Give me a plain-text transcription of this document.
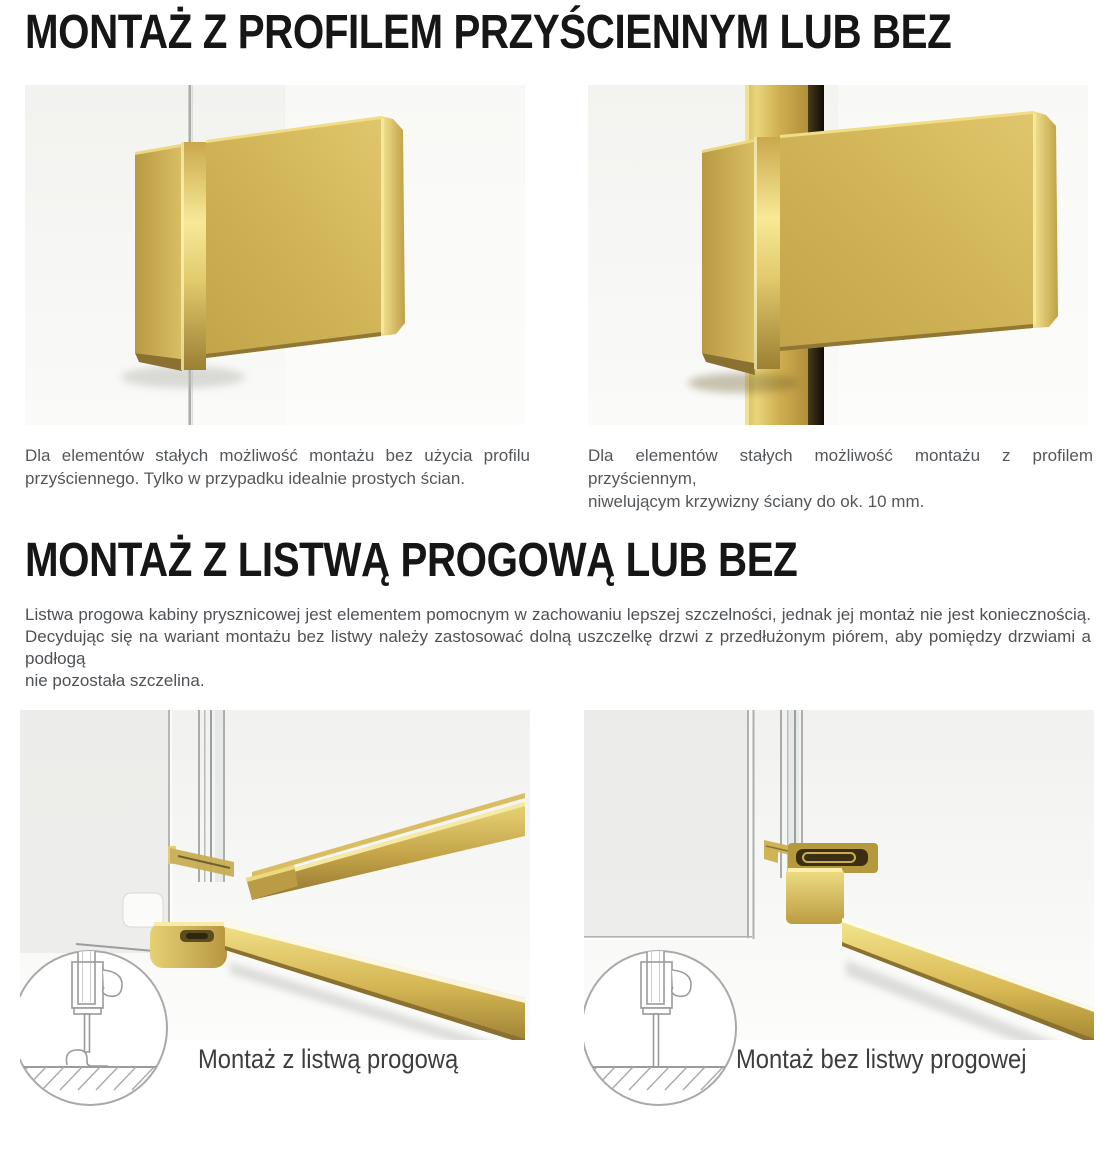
MONTAŻ Z PROFILEM PRZYŚCIENNYM LUB BEZ
Dla elementów stałych możliwość montażu bez użycia profilu
przyściennego. Tylko w przypadku idealnie prostych ścian.
Dla elementów stałych możliwość montażu z profilem przyściennym,
niwelującym krzywizny ściany do ok. 10 mm.
MONTAŻ Z LISTWĄ PROGOWĄ LUB BEZ
Listwa progowa kabiny prysznicowej jest elementem pomocnym w zachowaniu lepszej szczelności, jednak jej montaż nie jest koniecznością.
Decydując się na wariant montażu bez listwy należy zastosować dolną uszczelkę drzwi z przedłużonym piórem, aby pomiędzy drzwiami a podłogą
nie pozostała szczelina.
Montaż z listwą progową	Montaż bez listwy progowej
